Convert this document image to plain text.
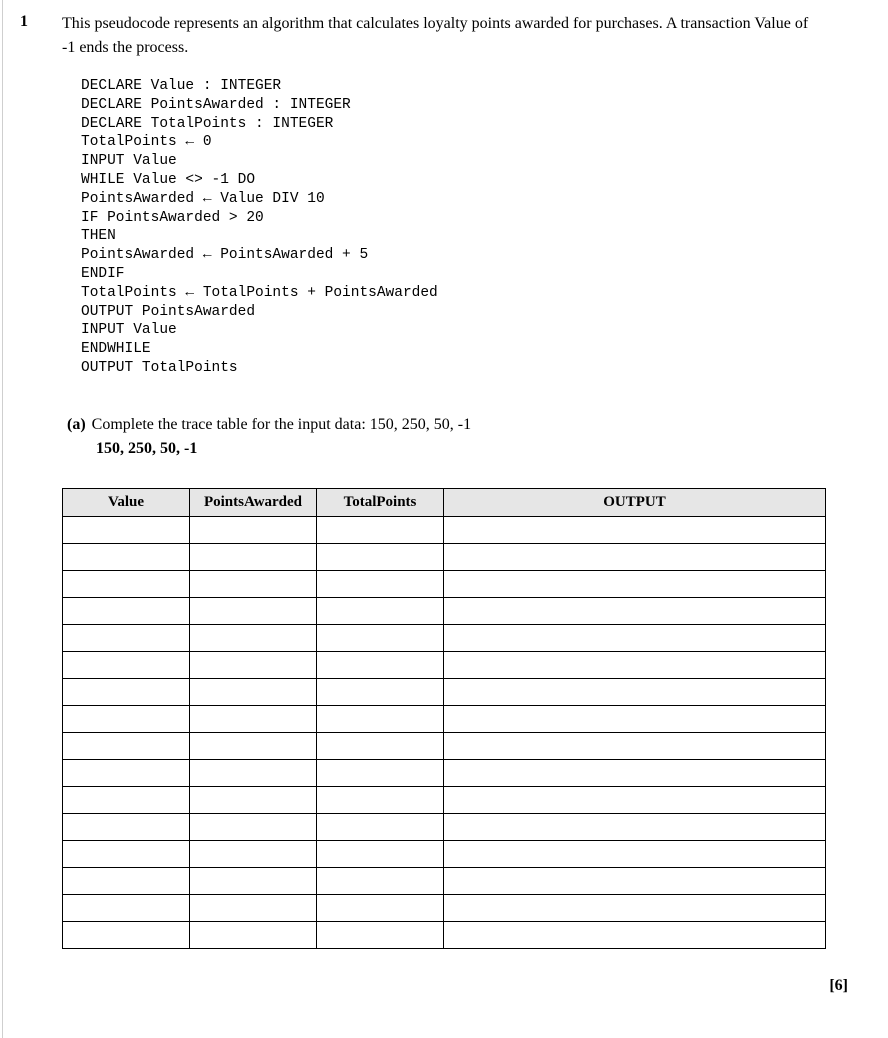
1 This pseudocode represents an algorithm that calculates loyalty points awarded for purchases. A transaction Value of -1 ends the process.
DECLARE Value : INTEGER
DECLARE PointsAwarded : INTEGER
DECLARE TotalPoints : INTEGER
TotalPoints ← 0
INPUT Value
WHILE Value <> -1 DO
PointsAwarded ← Value DIV 10
IF PointsAwarded > 20
THEN
PointsAwarded ← PointsAwarded + 5
ENDIF
TotalPoints ← TotalPoints + PointsAwarded
OUTPUT PointsAwarded
INPUT Value
ENDWHILE
OUTPUT TotalPoints
(a) Complete the trace table for the input data: 150, 250, 50, -1
150, 250, 50, -1
Value	PointsAwarded	TotalPoints	OUTPUT

[6]
